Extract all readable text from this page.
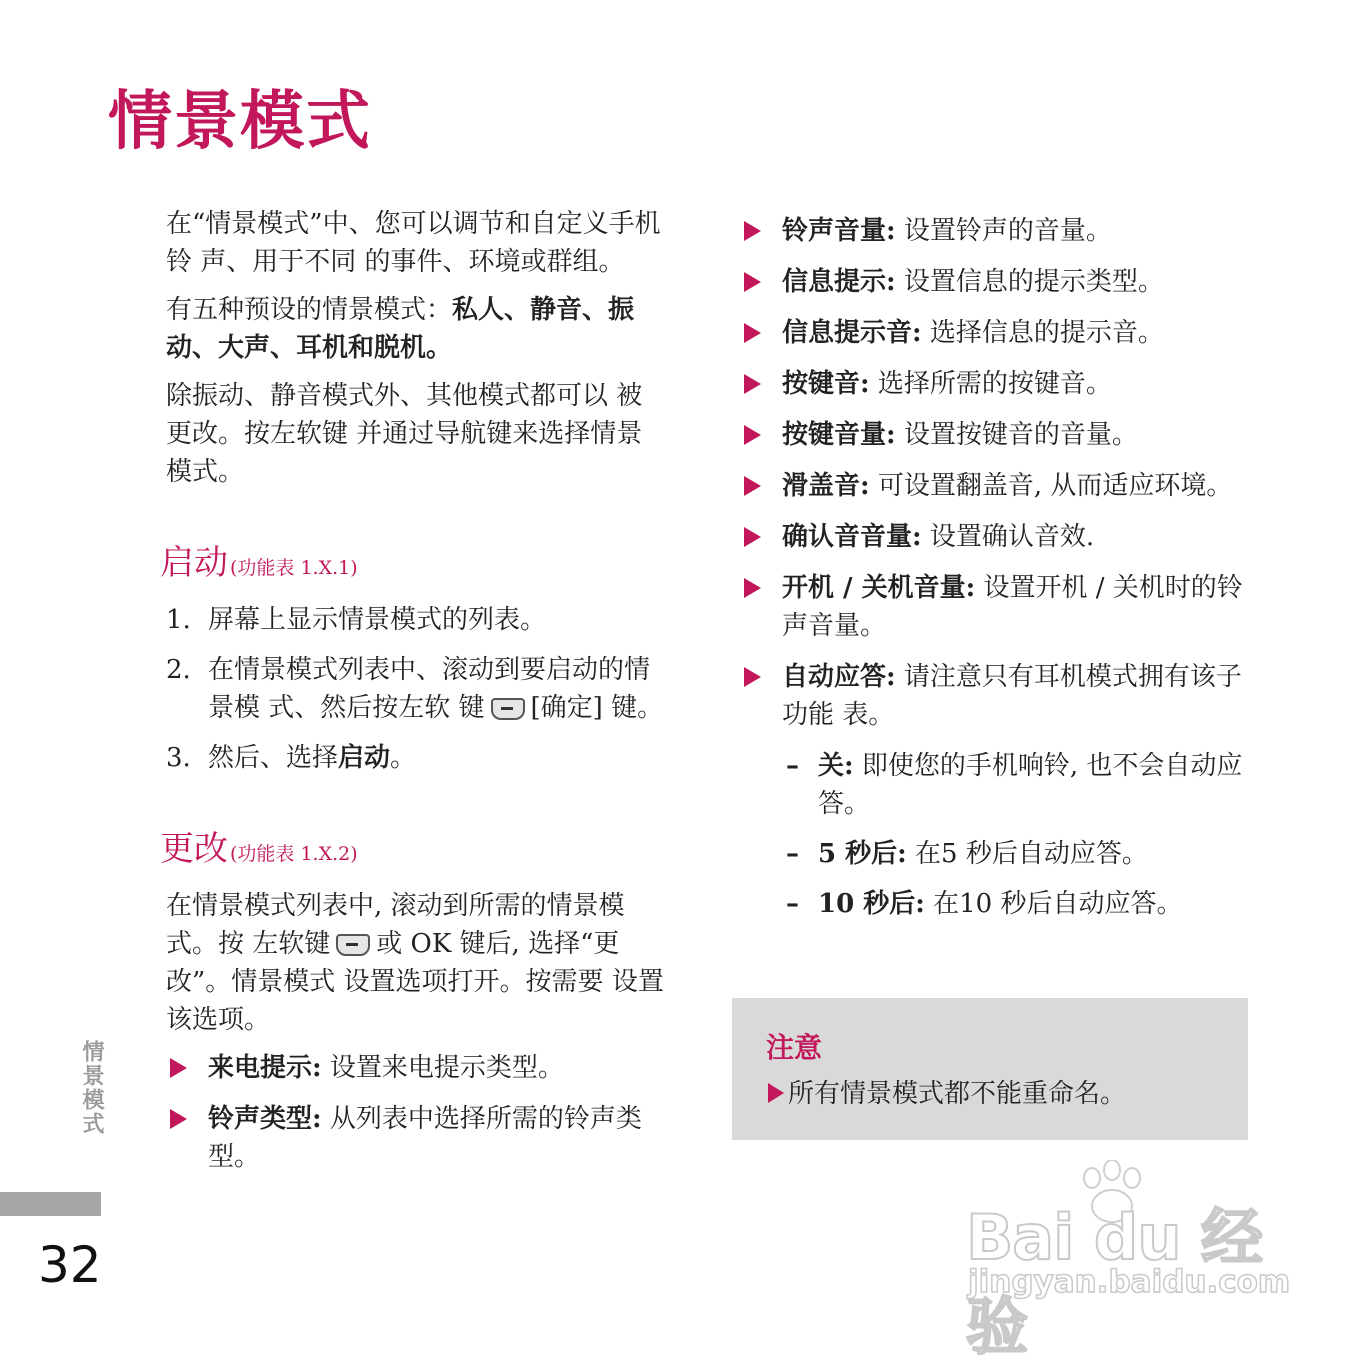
情景模式

在“情景模式”中、您可以调节和自定义手机铃 声、用于不同 的事件、环境或群组。

有五种预设的情景模式：私人、静音、振动、大声、耳机和脱机。

除振动、静音模式外、其他模式都可以 被更改。按左软键 并通过导航键来选择情景模式。

启动 (功能表 1.X.1)
1. 屏幕上显示情景模式的列表。
2. 在情景模式列表中、滚动到要启动的情景模 式、然后按左软 键 [确定] 键。
3. 然后、选择启动。
更改 (功能表 1.X.2)

在情景模式列表中, 滚动到所需的情景模式。按 左软键 或 OK 键后, 选择“更改”。情景模式 设置选项打开。按需要 设置该选项。

来电提示: 设置来电提示类型。
铃声类型: 从列表中选择所需的铃声类型。
铃声音量: 设置铃声的音量。
信息提示: 设置信息的提示类型。
信息提示音: 选择信息的提示音。
按键音: 选择所需的按键音。
按键音量: 设置按键音的音量。
滑盖音: 可设置翻盖音, 从而适应环境。
确认音音量: 设置确认音效.
开机 / 关机音量: 设置开机 / 关机时的铃声音量。
自动应答: 请注意只有耳机模式拥有该子功能 表。
– 关: 即使您的手机响铃, 也不会自动应答。
– 5 秒后: 在5 秒后自动应答。
– 10 秒后: 在10 秒后自动应答。
注意
所有情景模式都不能重命名。
情景模式
32	Bai du 经验
jingyan.baidu.com
